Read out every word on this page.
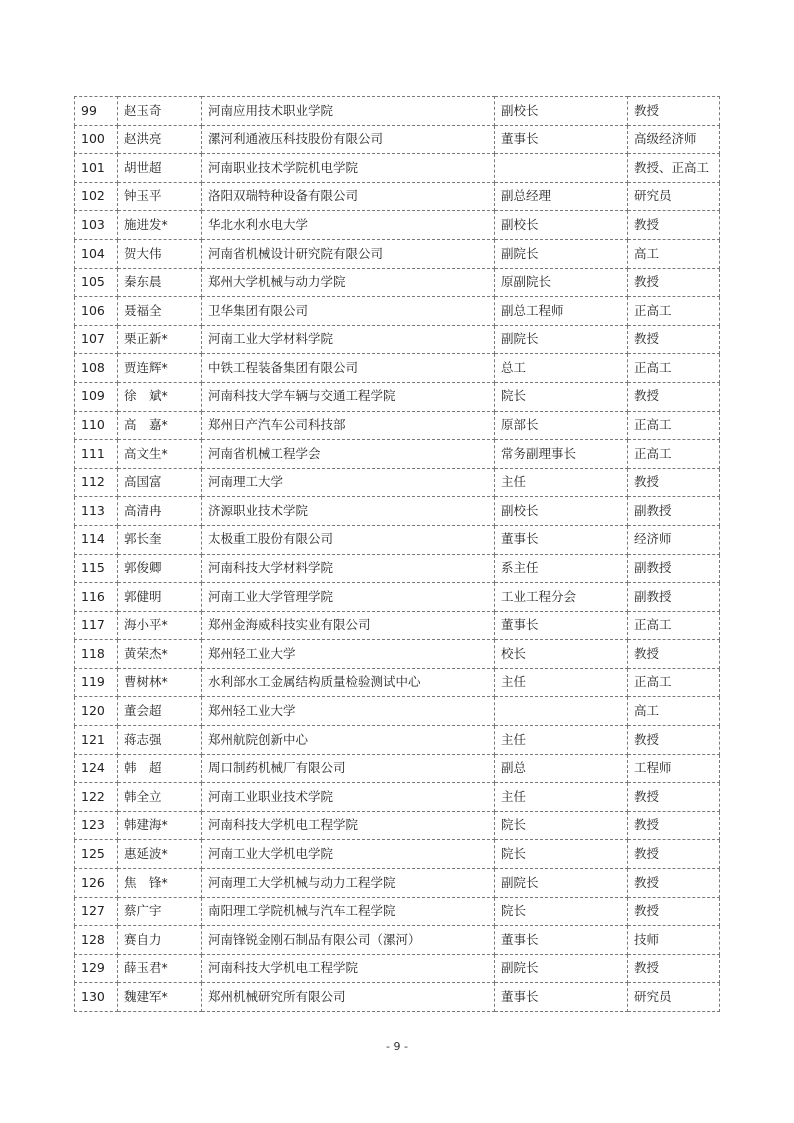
99	赵玉奇	河南应用技术职业学院	副校长	教授
100	赵洪亮	漯河利通液压科技股份有限公司	董事长	高级经济师
101	胡世超	河南职业技术学院机电学院		教授、正高工
102	钟玉平	洛阳双瑞特种设备有限公司	副总经理	研究员
103	施进发*	华北水利水电大学	副校长	教授
104	贺大伟	河南省机械设计研究院有限公司	副院长	高工
105	秦东晨	郑州大学机械与动力学院	原副院长	教授
106	聂福全	卫华集团有限公司	副总工程师	正高工
107	栗正新*	河南工业大学材料学院	副院长	教授
108	贾连辉*	中铁工程装备集团有限公司	总工	正高工
109	徐　斌*	河南科技大学车辆与交通工程学院	院长	教授
110	高　嘉*	郑州日产汽车公司科技部	原部长	正高工
111	高文生*	河南省机械工程学会	常务副理事长	正高工
112	高国富	河南理工大学	主任	教授
113	高清冉	济源职业技术学院	副校长	副教授
114	郭长奎	太极重工股份有限公司	董事长	经济师
115	郭俊卿	河南科技大学材料学院	系主任	副教授
116	郭健明	河南工业大学管理学院	工业工程分会	副教授
117	海小平*	郑州金海威科技实业有限公司	董事长	正高工
118	黄荣杰*	郑州轻工业大学	校长	教授
119	曹树林*	水利部水工金属结构质量检验测试中心	主任	正高工
120	董会超	郑州轻工业大学		高工
121	蒋志强	郑州航院创新中心	主任	教授
124	韩　超	周口制药机械厂有限公司	副总	工程师
122	韩全立	河南工业职业技术学院	主任	教授
123	韩建海*	河南科技大学机电工程学院	院长	教授
125	惠延波*	河南工业大学机电学院	院长	教授
126	焦　锋*	河南理工大学机械与动力工程学院	副院长	教授
127	蔡广宇	南阳理工学院机械与汽车工程学院	院长	教授
128	赛自力	河南锋锐金刚石制品有限公司（漯河）	董事长	技师
129	薛玉君*	河南科技大学机电工程学院	副院长	教授
130	魏建军*	郑州机械研究所有限公司	董事长	研究员
- 9 -
